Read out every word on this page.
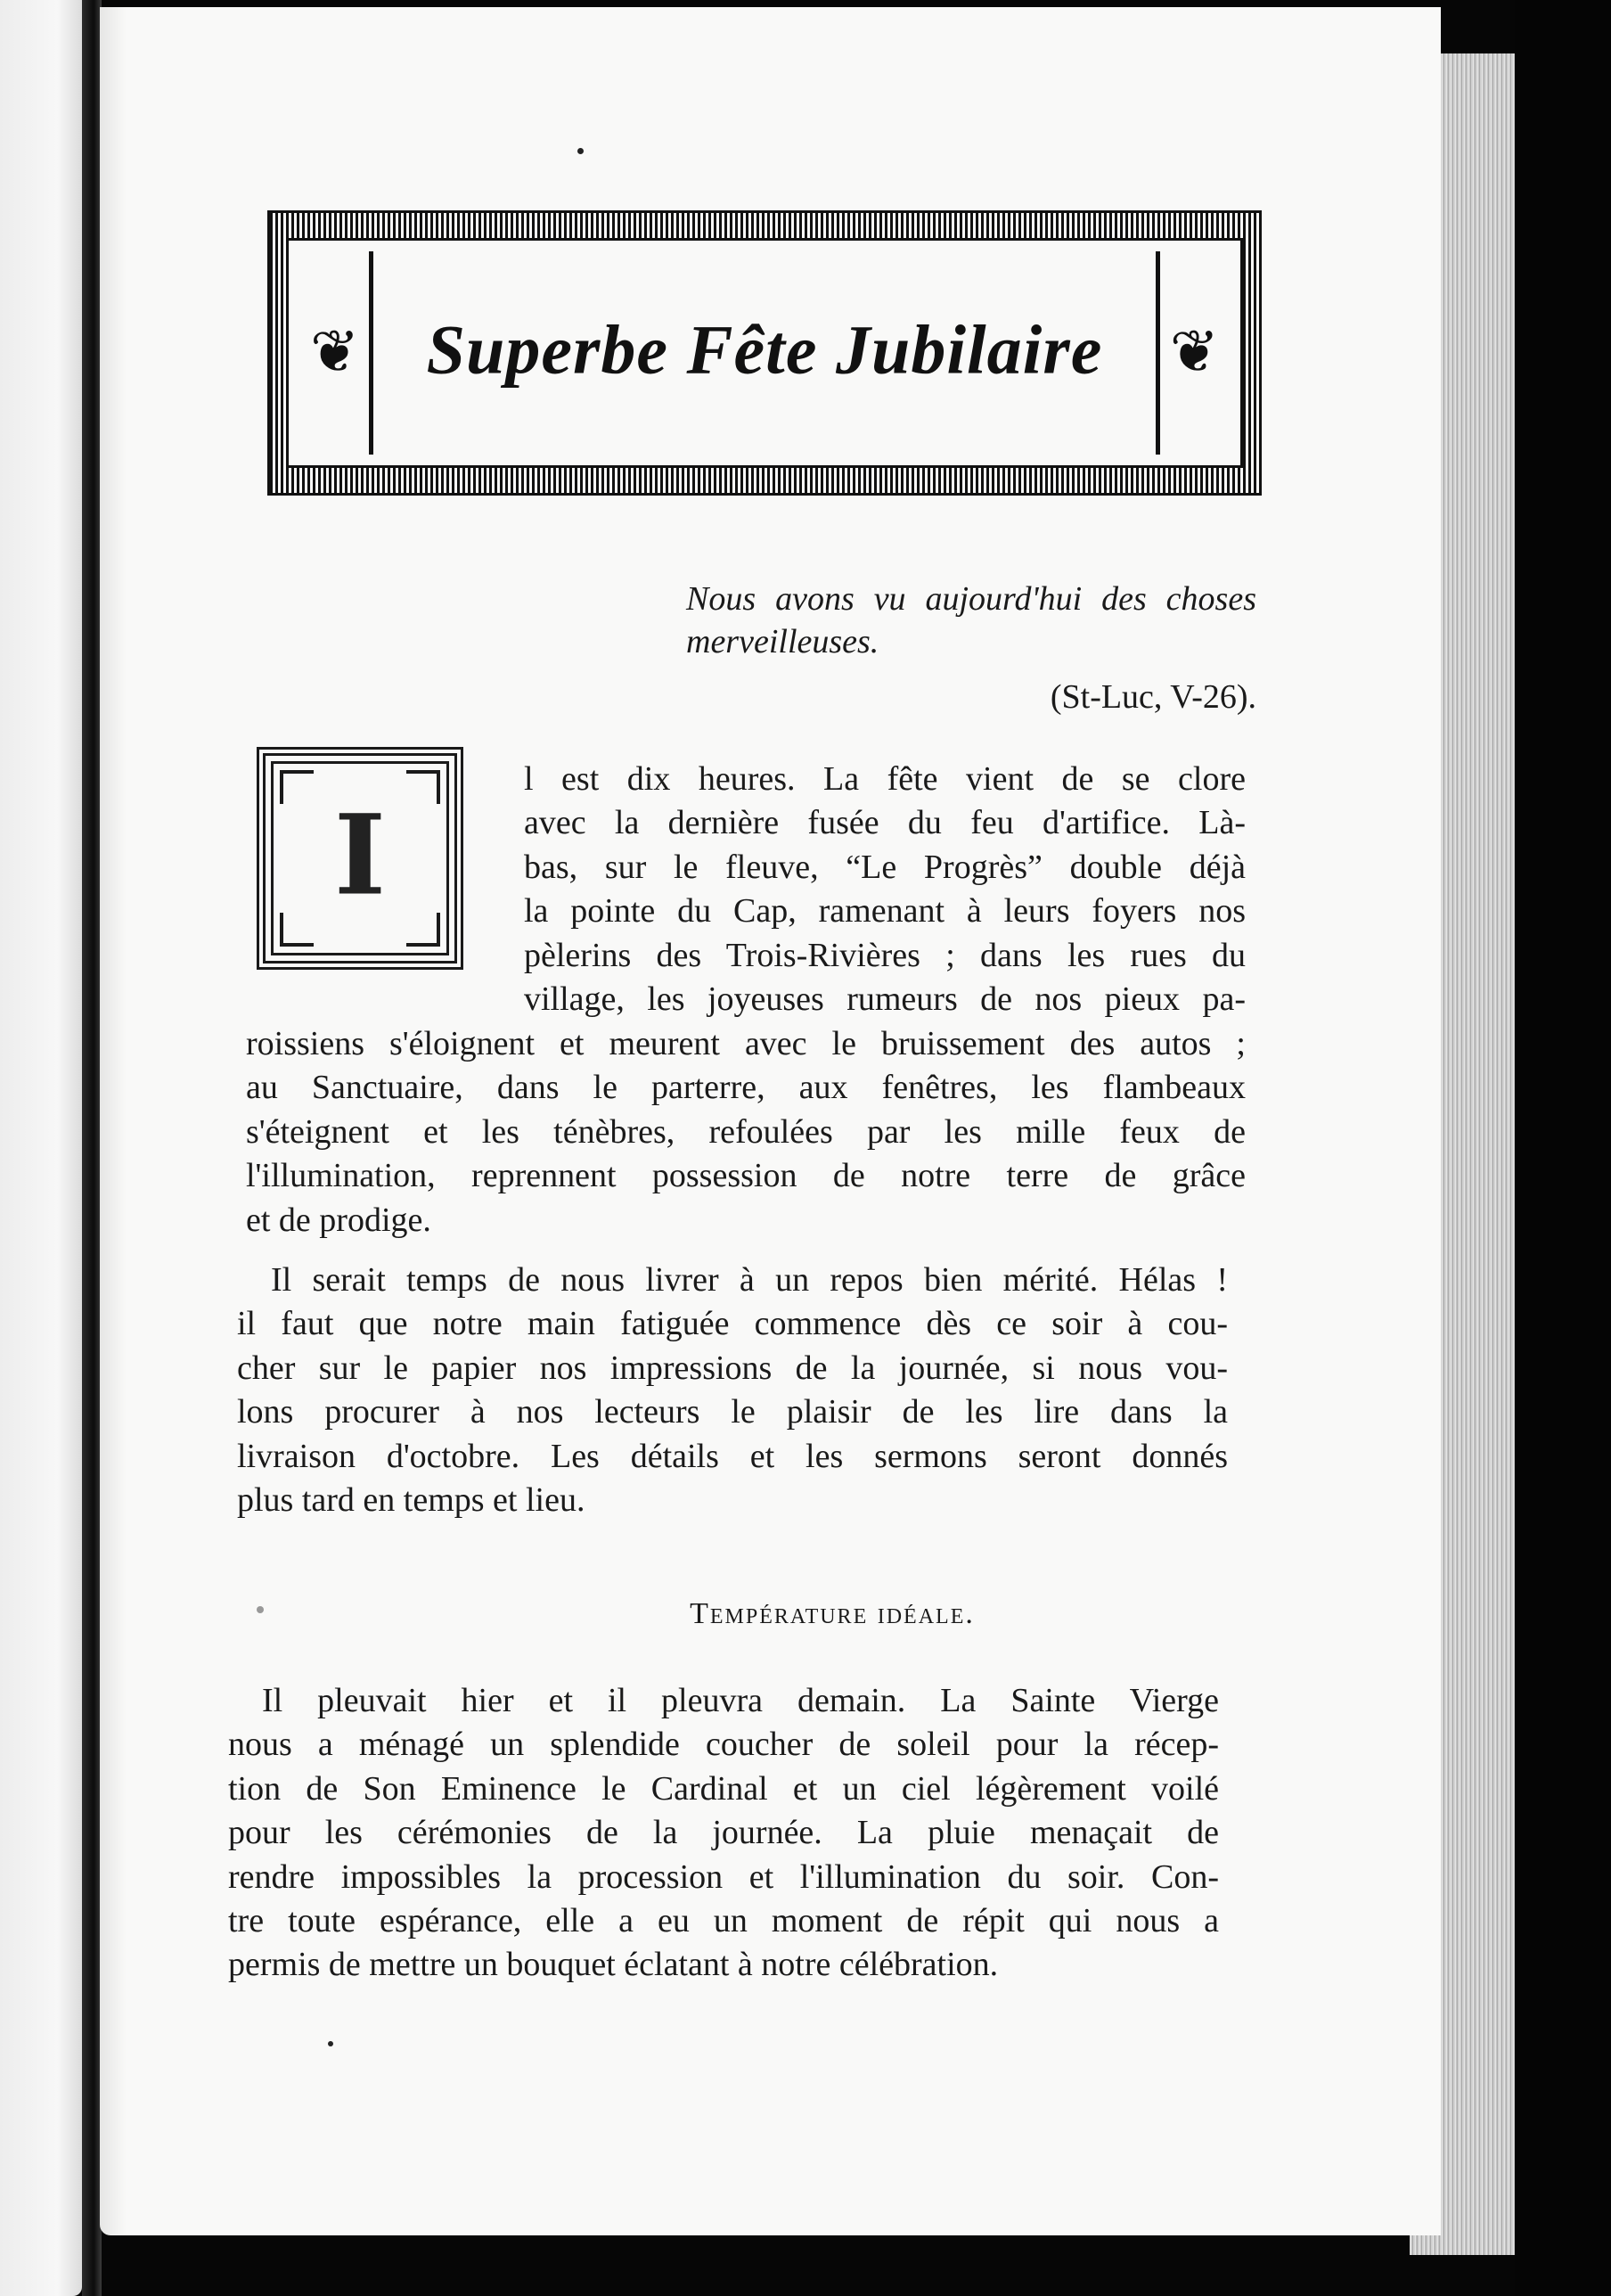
❦	❦
Superbe Fête Jubilaire
Nous avons vu aujourd'hui des choses merveilleuses.
(St-Luc, V-26).
I
l est dix heures. La fête vient de se clore
avec la dernière fusée du feu d'artifice. Là-
bas, sur le fleuve, “Le Progrès” double déjà
la pointe du Cap, ramenant à leurs foyers nos
pèlerins des Trois-Rivières ; dans les rues du
village, les joyeuses rumeurs de nos pieux pa-
roissiens s'éloignent et meurent avec le bruissement des autos ;
au Sanctuaire, dans le parterre, aux fenêtres, les flambeaux
s'éteignent et les ténèbres, refoulées par les mille feux de
l'illumination, reprennent possession de notre terre de grâce
et de prodige.
Il serait temps de nous livrer à un repos bien mérité. Hélas !
il faut que notre main fatiguée commence dès ce soir à cou-
cher sur le papier nos impressions de la journée, si nous vou-
lons procurer à nos lecteurs le plaisir de les lire dans la
livraison d'octobre. Les détails et les sermons seront donnés
plus tard en temps et lieu.
Température idéale.
Il pleuvait hier et il pleuvra demain. La Sainte Vierge
nous a ménagé un splendide coucher de soleil pour la récep-
tion de Son Eminence le Cardinal et un ciel légèrement voilé
pour les cérémonies de la journée. La pluie menaçait de
rendre impossibles la procession et l'illumination du soir. Con-
tre toute espérance, elle a eu un moment de répit qui nous a
permis de mettre un bouquet éclatant à notre célébration.
